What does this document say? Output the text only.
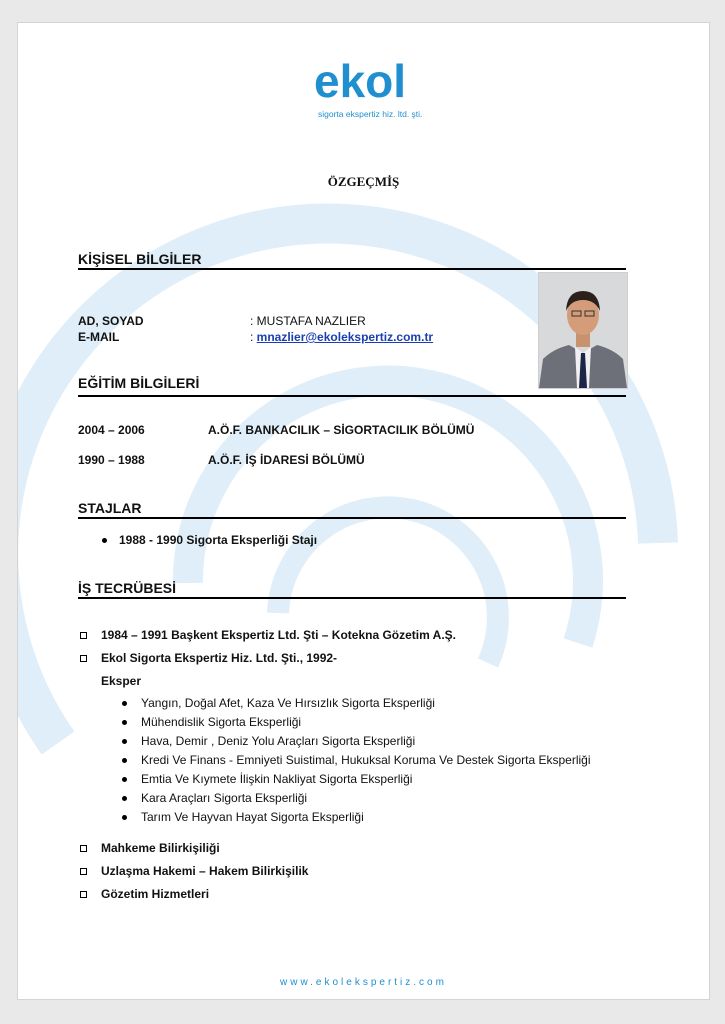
ekol
sigorta ekspertiz hiz. ltd. şti.
ÖZGEÇMİŞ
KİŞİSEL BİLGİLER
AD, SOYAD	: MUSTAFA NAZLIER
E-MAIL	: mnazlier@ekolekspertiz.com.tr
EĞİTİM BİLGİLERİ
2004 – 2006	A.Ö.F. BANKACILIK – SİGORTACILIK BÖLÜMÜ
1990 – 1988	A.Ö.F. İŞ İDARESİ BÖLÜMÜ
STAJLAR
1988 - 1990 Sigorta Eksperliği Stajı
İŞ TECRÜBESİ
1984 – 1991 Başkent Ekspertiz Ltd. Şti – Kotekna Gözetim A.Ş.
Ekol Sigorta Ekspertiz Hiz. Ltd. Şti., 1992-
Eksper
Yangın, Doğal Afet, Kaza Ve Hırsızlık Sigorta Eksperliği
Mühendislik Sigorta Eksperliği
Hava, Demir , Deniz Yolu Araçları Sigorta Eksperliği
Kredi Ve Finans - Emniyeti Suistimal, Hukuksal Koruma Ve Destek Sigorta Eksperliği
Emtia Ve Kıymete İlişkin Nakliyat Sigorta Eksperliği
Kara Araçları Sigorta Eksperliği
Tarım Ve Hayvan Hayat Sigorta Eksperliği
Mahkeme Bilirkişiliği
Uzlaşma Hakemi – Hakem Bilirkişilik
Gözetim Hizmetleri
www.ekolekspertiz.com
